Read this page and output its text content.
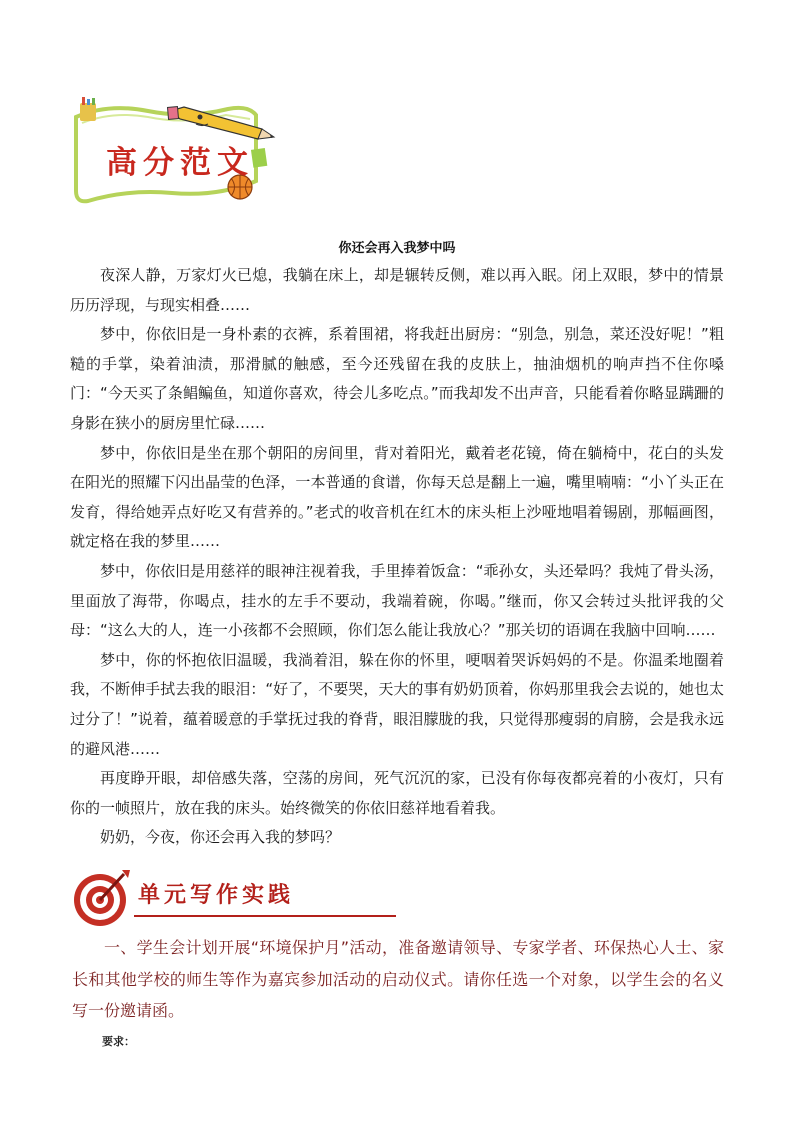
高分范文
你还会再入我梦中吗

夜深人静，万家灯火已熄，我躺在床上，却是辗转反侧，难以再入眠。闭上双眼，梦中的情景历历浮现，与现实相叠……

梦中，你依旧是一身朴素的衣裤，系着围裙，将我赶出厨房：“别急，别急，菜还没好呢！”粗糙的手掌，染着油渍，那滑腻的触感，至今还残留在我的皮肤上，抽油烟机的响声挡不住你嗓门：“今天买了条鲳鳊鱼，知道你喜欢，待会儿多吃点。”而我却发不出声音，只能看着你略显蹒跚的身影在狭小的厨房里忙碌……

梦中，你依旧是坐在那个朝阳的房间里，背对着阳光，戴着老花镜，倚在躺椅中，花白的头发在阳光的照耀下闪出晶莹的色泽，一本普通的食谱，你每天总是翻上一遍，嘴里喃喃：“小丫头正在发育，得给她弄点好吃又有营养的。”老式的收音机在红木的床头柜上沙哑地唱着锡剧，那幅画图，就定格在我的梦里……

梦中，你依旧是用慈祥的眼神注视着我，手里捧着饭盒：“乖孙女，头还晕吗？我炖了骨头汤，里面放了海带，你喝点，挂水的左手不要动，我端着碗，你喝。”继而，你又会转过头批评我的父母：“这么大的人，连一小孩都不会照顾，你们怎么能让我放心？”那关切的语调在我脑中回响……

梦中，你的怀抱依旧温暖，我淌着泪，躲在你的怀里，哽咽着哭诉妈妈的不是。你温柔地圈着我，不断伸手拭去我的眼泪：“好了，不要哭，天大的事有奶奶顶着，你妈那里我会去说的，她也太过分了！”说着，蕴着暖意的手掌抚过我的脊背，眼泪朦胧的我，只觉得那瘦弱的肩膀，会是我永远的避风港……

再度睁开眼，却倍感失落，空荡的房间，死气沉沉的家，已没有你每夜都亮着的小夜灯，只有你的一帧照片，放在我的床头。始终微笑的你依旧慈祥地看着我。

奶奶，今夜，你还会再入我的梦吗？

单元写作实践

一、学生会计划开展“环境保护月”活动，准备邀请领导、专家学者、环保热心人士、家长和其他学校的师生等作为嘉宾参加活动的启动仪式。请你任选一个对象，以学生会的名义写一份邀请函。

要求：
